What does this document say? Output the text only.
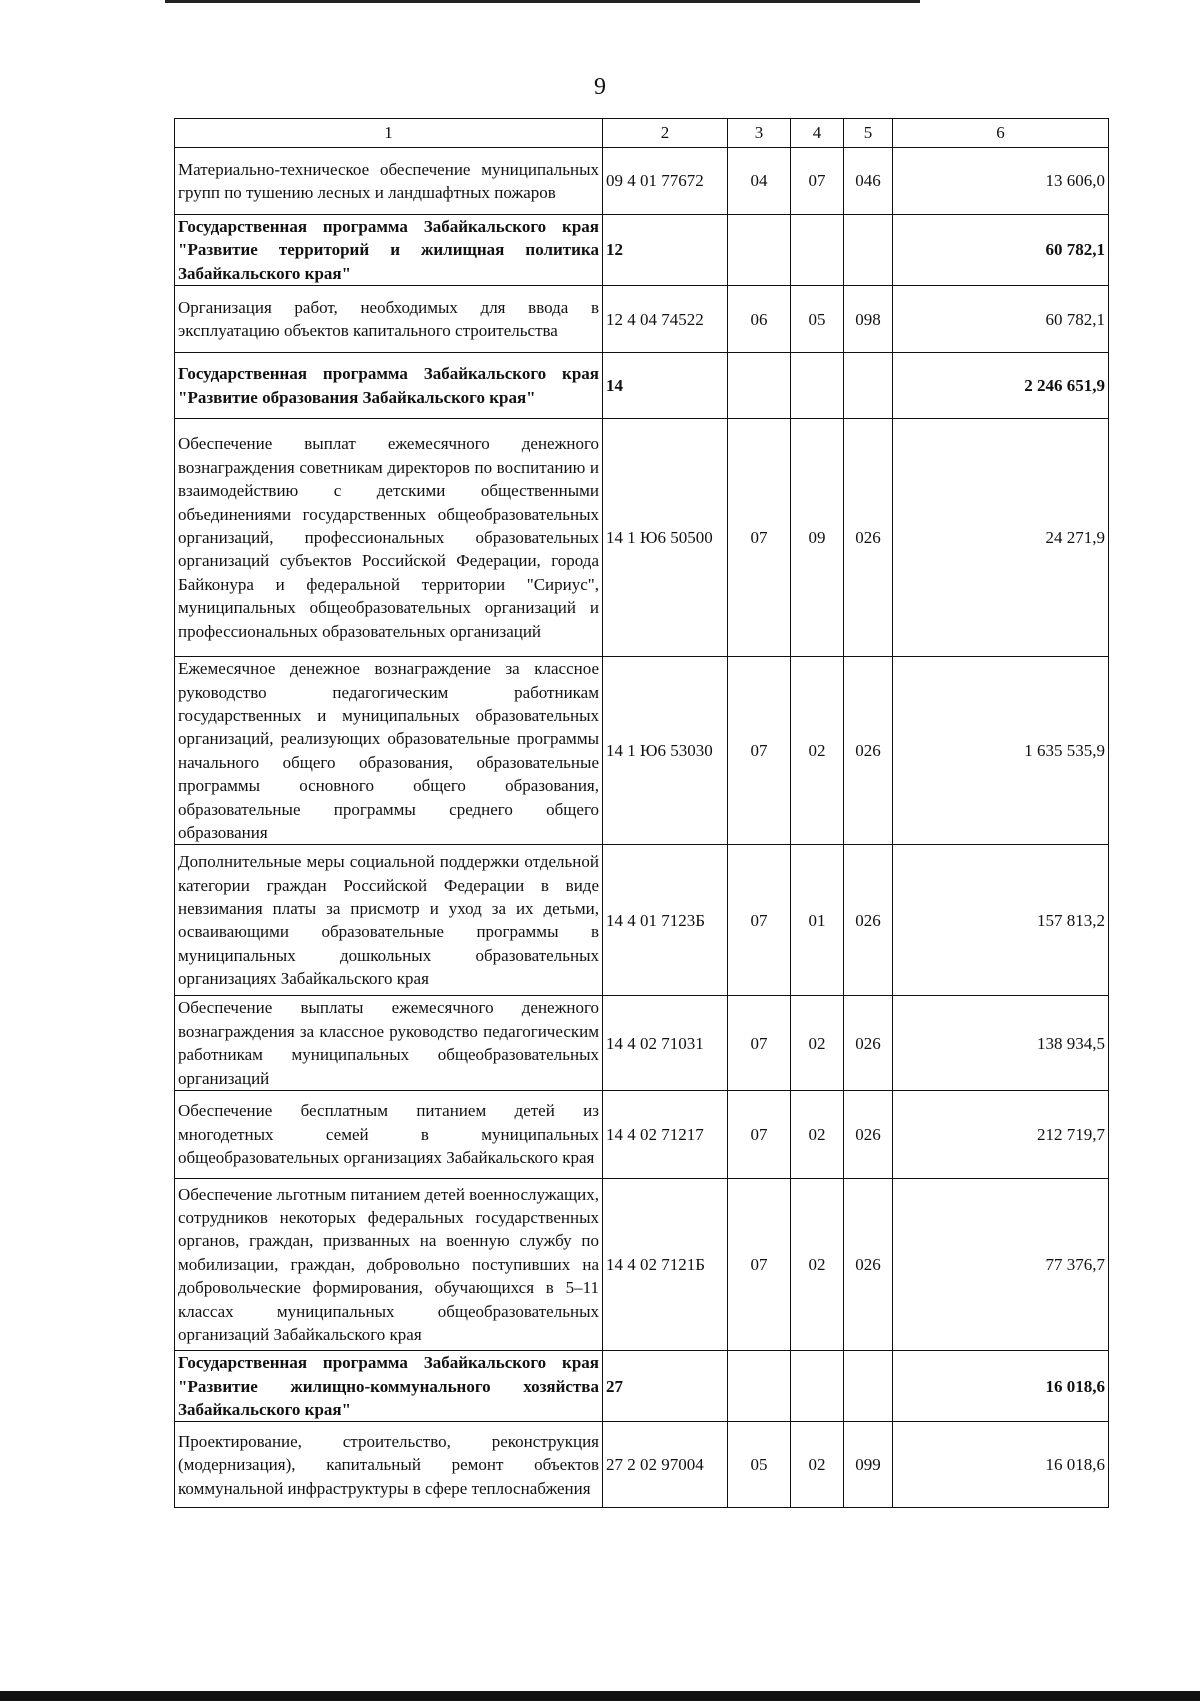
9
1	2	3	4	5	6
Материально-техническое обеспечение муниципальных групп по тушению лесных и ландшафтных пожаров	09 4 01 77672	04	07	046	13 606,0
Государственная программа Забайкальского края "Развитие территорий и жилищная политика Забайкальского края"	12				60 782,1
Организация работ, необходимых для ввода в эксплуатацию объектов капитального строительства	12 4 04 74522	06	05	098	60 782,1
Государственная программа Забайкальского края "Развитие образования Забайкальского края"	14				2 246 651,9
Обеспечение выплат ежемесячного денежного вознаграждения советникам директоров по воспитанию и взаимодействию с детскими общественными объединениями государственных общеобразовательных организаций, профессиональных образовательных организаций субъектов Российской Федерации, города Байконура и федеральной территории "Сириус", муниципальных общеобразовательных организаций и профессиональных образовательных организаций	14 1 Ю6 50500	07	09	026	24 271,9
Ежемесячное денежное вознаграждение за классное руководство педагогическим работникам государственных и муниципальных образовательных организаций, реализующих образовательные программы начального общего образования, образовательные программы основного общего образования, образовательные программы среднего общего образования	14 1 Ю6 53030	07	02	026	1 635 535,9
Дополнительные меры социальной поддержки отдельной категории граждан Российской Федерации в виде невзимания платы за присмотр и уход за их детьми, осваивающими образовательные программы в муниципальных дошкольных образовательных организациях Забайкальского края	14 4 01 7123Б	07	01	026	157 813,2
Обеспечение выплаты ежемесячного денежного вознаграждения за классное руководство педагогическим работникам муниципальных общеобразовательных организаций	14 4 02 71031	07	02	026	138 934,5
Обеспечение бесплатным питанием детей из многодетных семей в муниципальных общеобразовательных организациях Забайкальского края	14 4 02 71217	07	02	026	212 719,7
Обеспечение льготным питанием детей военнослужащих, сотрудников некоторых федеральных государственных органов, граждан, призванных на военную службу по мобилизации, граждан, добровольно поступивших на добровольческие формирования, обучающихся в 5–11 классах муниципальных общеобразовательных организаций Забайкальского края	14 4 02 7121Б	07	02	026	77 376,7
Государственная программа Забайкальского края "Развитие жилищно-коммунального хозяйства Забайкальского края"	27				16 018,6
Проектирование, строительство, реконструкция (модернизация), капитальный ремонт объектов коммунальной инфраструктуры в сфере теплоснабжения	27 2 02 97004	05	02	099	16 018,6
